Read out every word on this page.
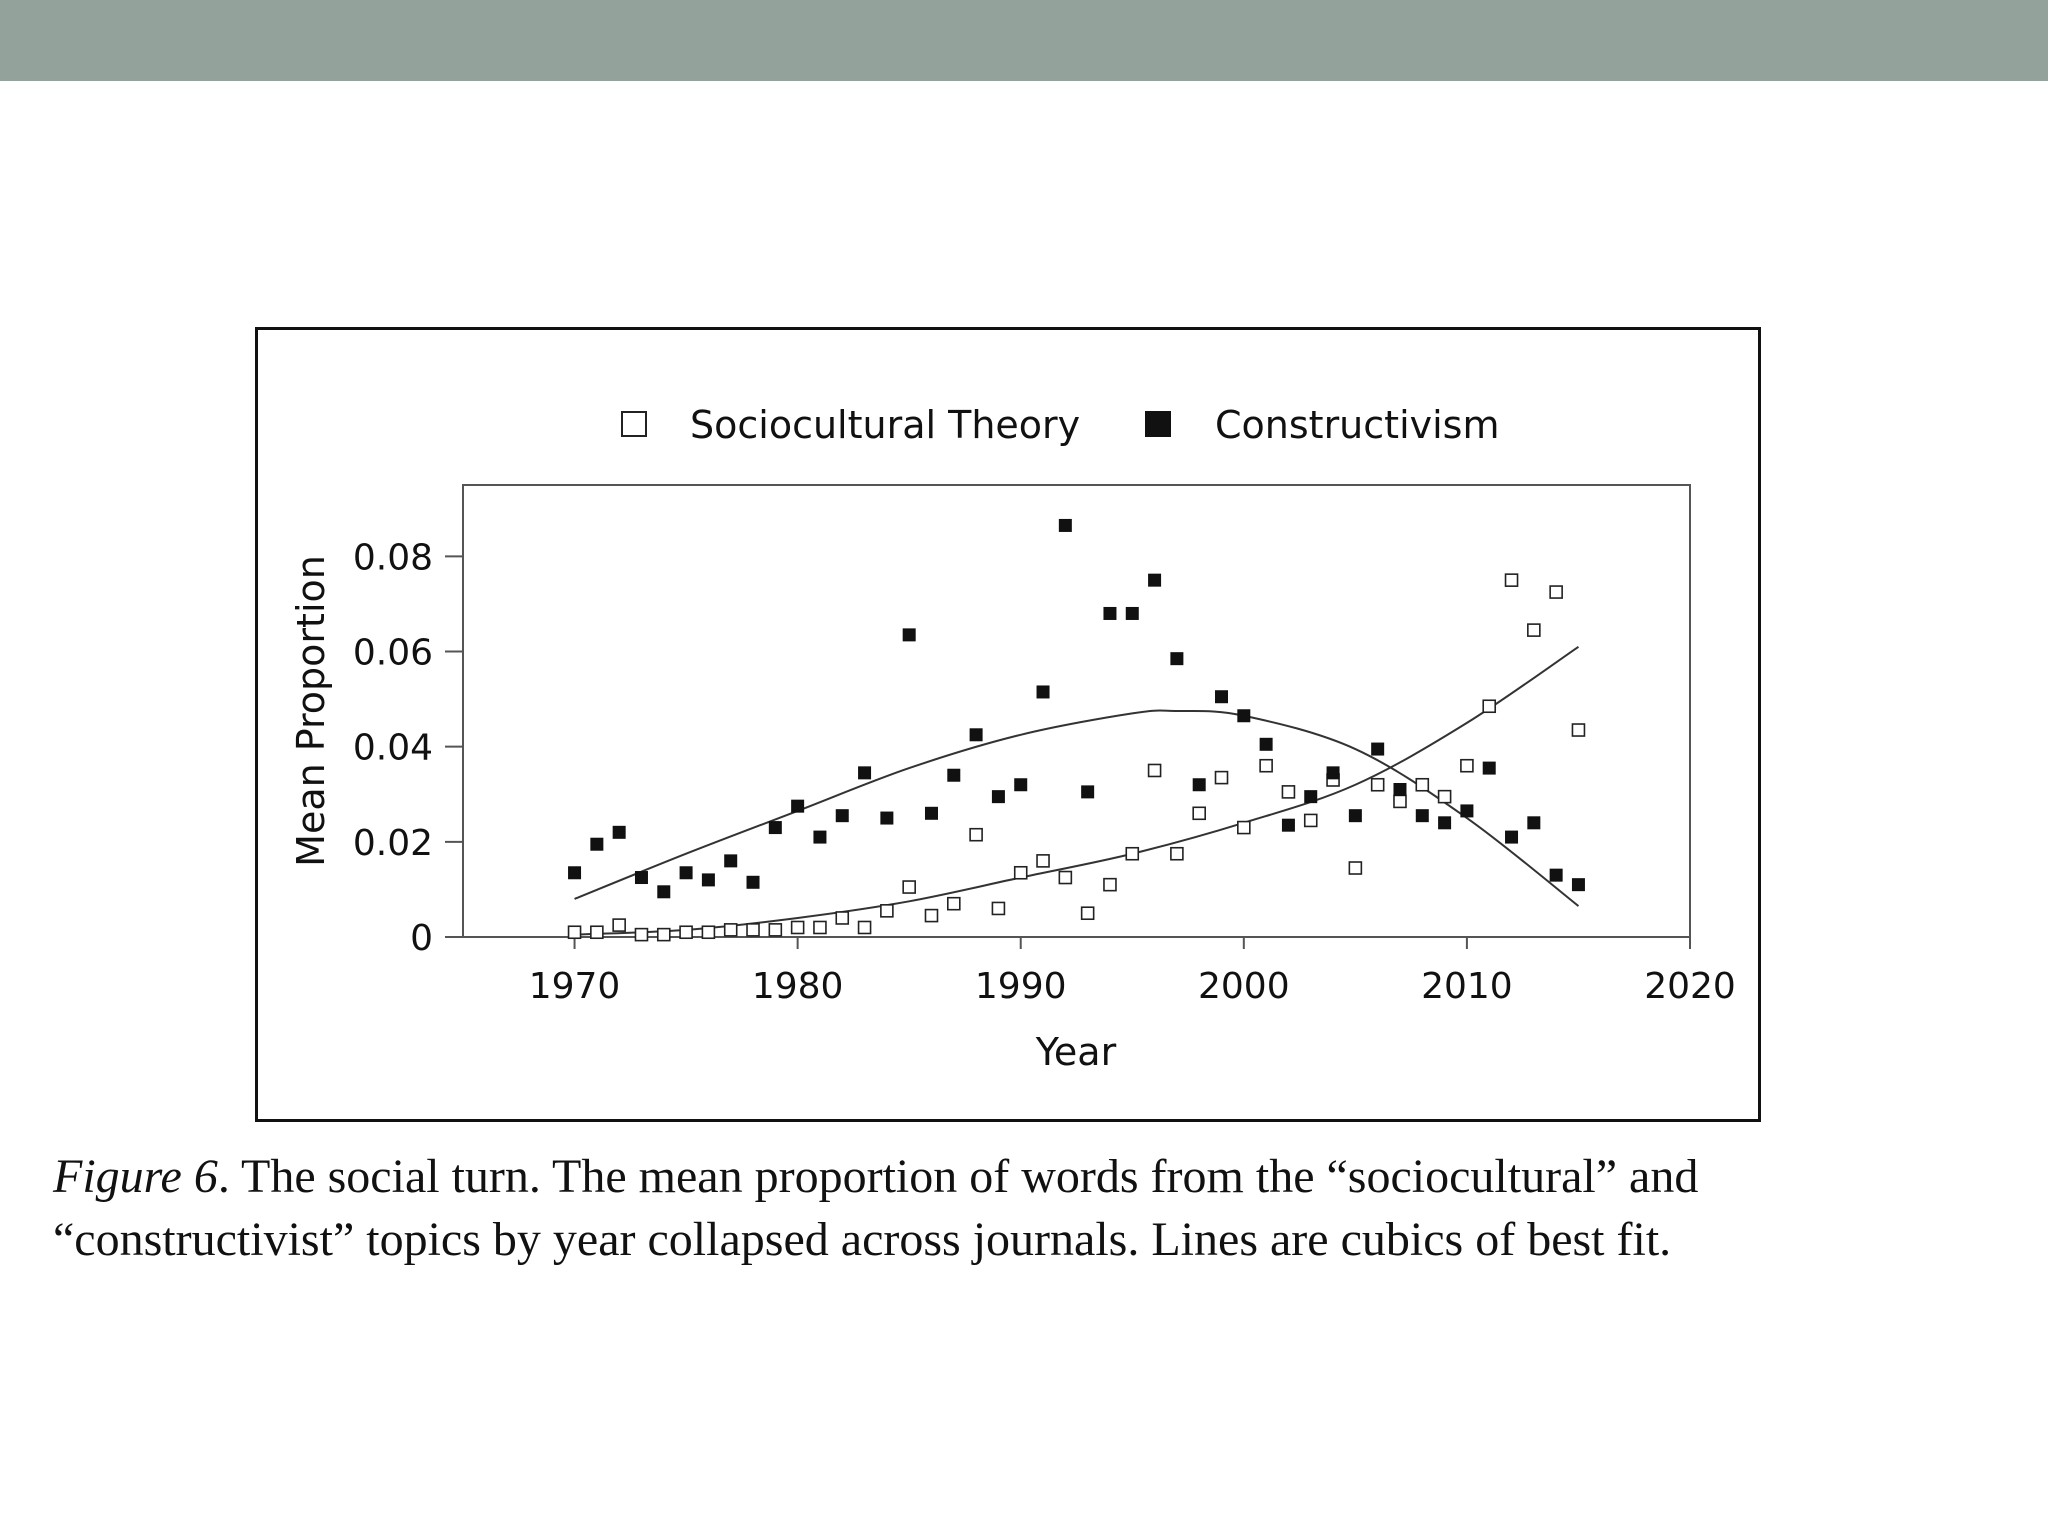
Sociocultural Theory	Constructivism
1970	1980	1990	2000	2010	2020
0
0.02
0.04
0.06
0.08
Year
Mean Proportion
Figure 6. The social turn. The mean proportion of words from the “sociocultural” and
“constructivist” topics by year collapsed across journals. Lines are cubics of best fit.
